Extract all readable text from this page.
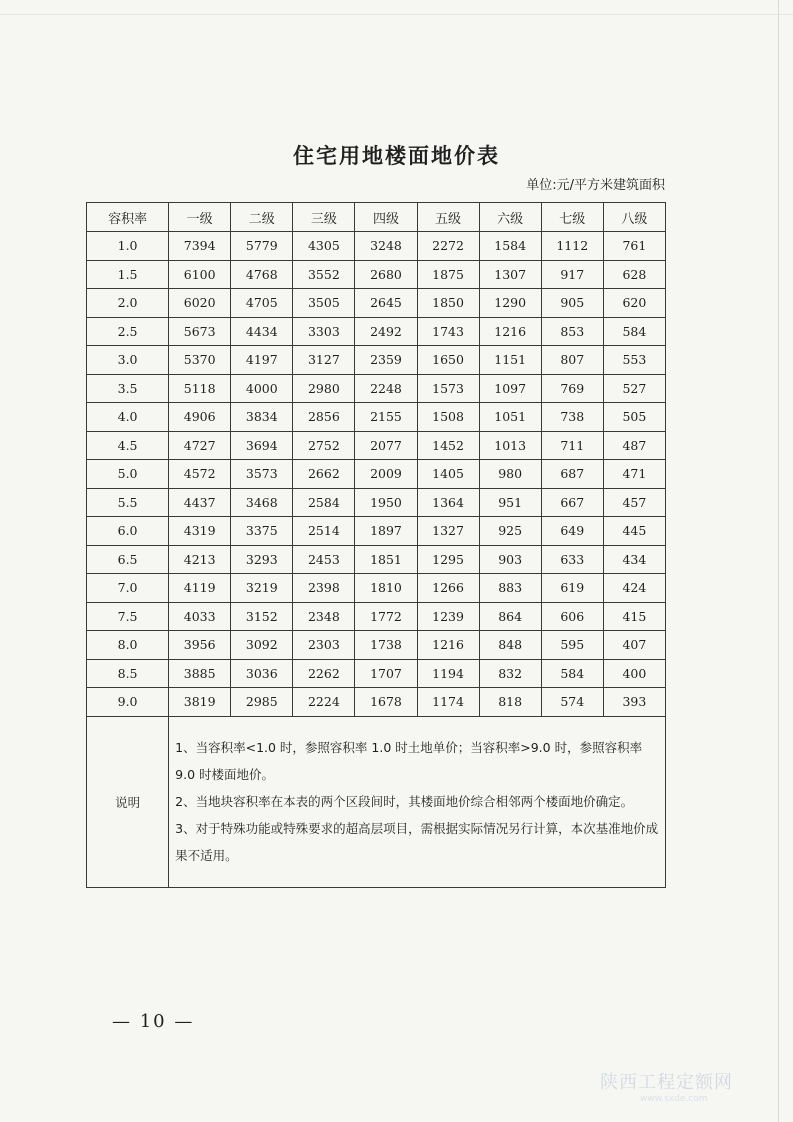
住宅用地楼面地价表
单位:元/平方米建筑面积
容积率	一级	二级	三级	四级	五级	六级	七级	八级
1.0	7394	5779	4305	3248	2272	1584	1112	761
1.5	6100	4768	3552	2680	1875	1307	917	628
2.0	6020	4705	3505	2645	1850	1290	905	620
2.5	5673	4434	3303	2492	1743	1216	853	584
3.0	5370	4197	3127	2359	1650	1151	807	553
3.5	5118	4000	2980	2248	1573	1097	769	527
4.0	4906	3834	2856	2155	1508	1051	738	505
4.5	4727	3694	2752	2077	1452	1013	711	487
5.0	4572	3573	2662	2009	1405	980	687	471
5.5	4437	3468	2584	1950	1364	951	667	457
6.0	4319	3375	2514	1897	1327	925	649	445
6.5	4213	3293	2453	1851	1295	903	633	434
7.0	4119	3219	2398	1810	1266	883	619	424
7.5	4033	3152	2348	1772	1239	864	606	415
8.0	3956	3092	2303	1738	1216	848	595	407
8.5	3885	3036	2262	1707	1194	832	584	400
9.0	3819	2985	2224	1678	1174	818	574	393
说明	1、当容积率<1.0 时，参照容积率 1.0 时土地单价；当容积率>9.0 时，参照容积率 9.0 时楼面地价。
2、当地块容积率在本表的两个区段间时，其楼面地价综合相邻两个楼面地价确定。
3、对于特殊功能或特殊要求的超高层项目，需根据实际情况另行计算，本次基准地价成果不适用。							
— 10 —
陕西工程定额网
www.sxde.com
